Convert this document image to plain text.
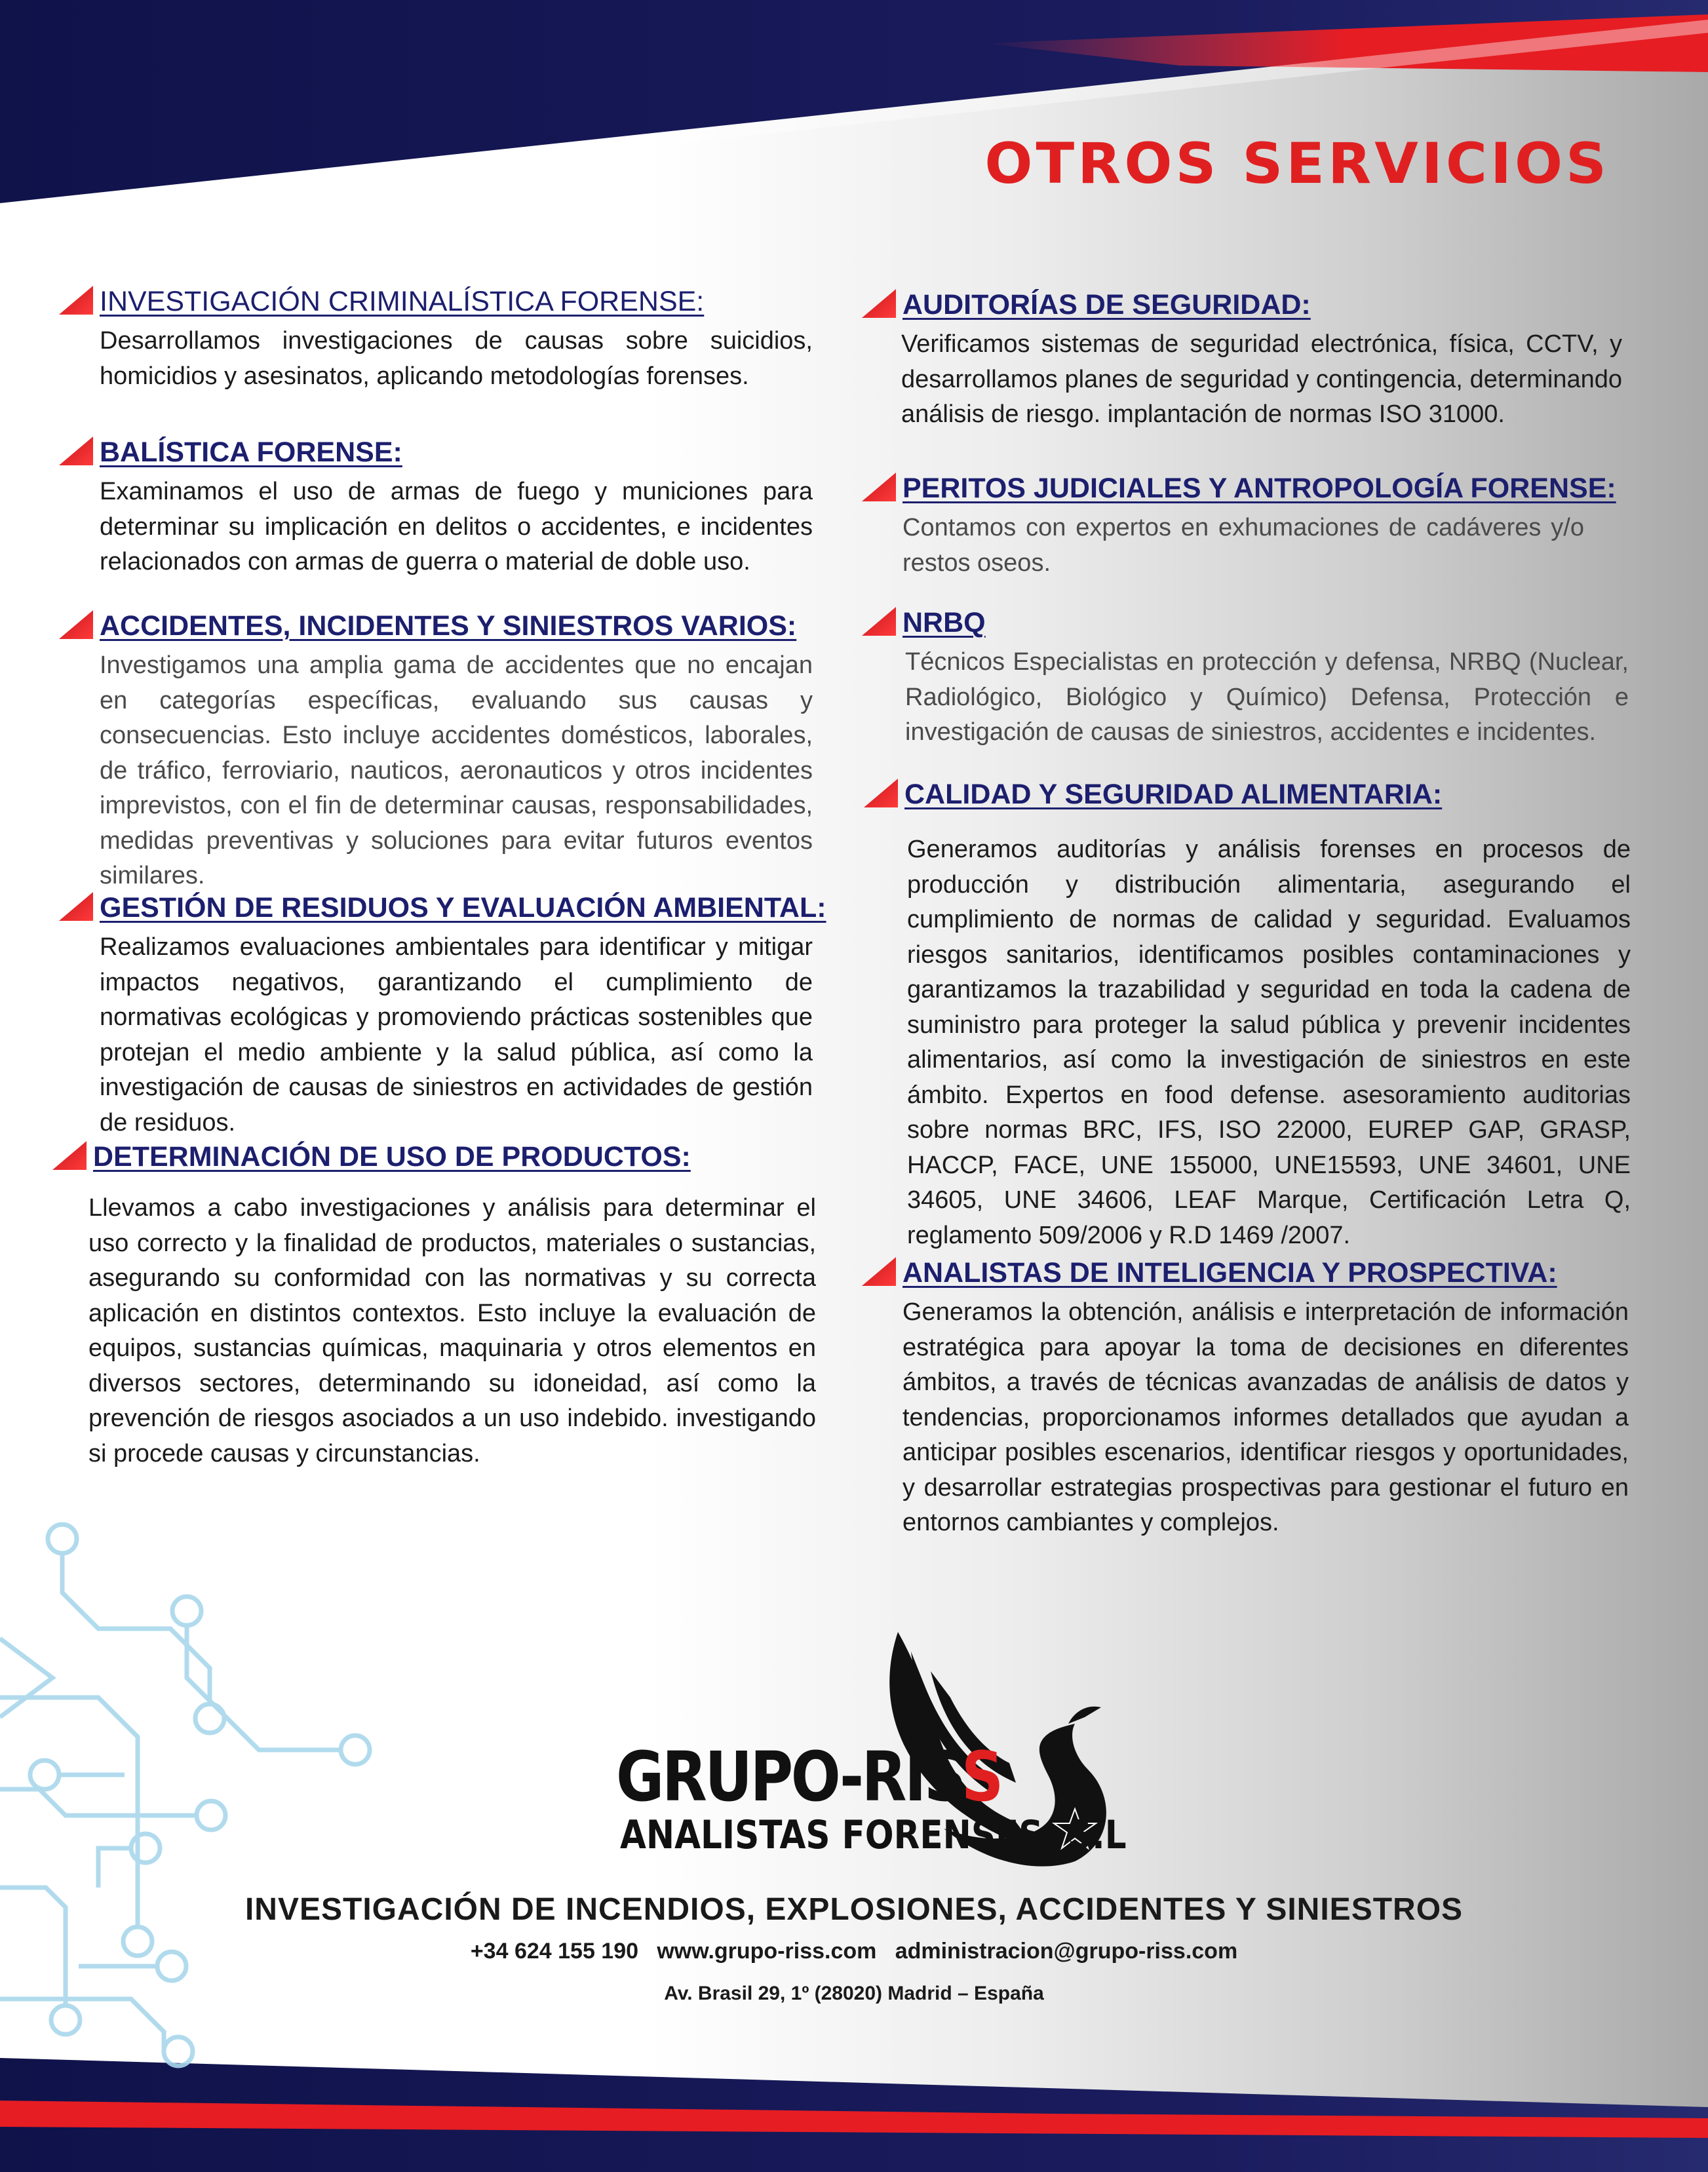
OTROS SERVICIOS
INVESTIGACIÓN CRIMINALÍSTICA FORENSE:

Desarrollamos investigaciones de causas sobre suicidios, homicidios y asesinatos, aplicando metodologías forenses.

BALÍSTICA FORENSE:

Examinamos el uso de armas de fuego y municiones para determinar su implicación en delitos o accidentes, e incidentes relacionados con armas de guerra o material de doble uso.

ACCIDENTES, INCIDENTES Y SINIESTROS VARIOS:

Investigamos una amplia gama de accidentes que no encajan en categorías específicas, evaluando sus causas y consecuencias. Esto incluye accidentes domésticos, laborales, de tráfico, ferroviario, nauticos, aeronauticos y otros incidentes imprevistos, con el fin de determinar causas, responsabilidades, medidas preventivas y soluciones para evitar futuros eventos similares.

GESTIÓN DE RESIDUOS Y EVALUACIÓN AMBIENTAL:

Realizamos evaluaciones ambientales para identificar y mitigar impactos negativos, garantizando el cumplimiento de normativas ecológicas y promoviendo prácticas sostenibles que protejan el medio ambiente y la salud pública, así como la investigación de causas de siniestros en actividades de gestión de residuos.

DETERMINACIÓN DE USO DE PRODUCTOS:

Llevamos a cabo investigaciones y análisis para determinar el uso correcto y la finalidad de productos, materiales o sustancias, asegurando su conformidad con las normativas y su correcta aplicación en distintos contextos. Esto incluye la evaluación de equipos, sustancias químicas, maquinaria y otros elementos en diversos sectores, determinando su idoneidad, así como la prevención de riesgos asociados a un uso indebido. investigando si procede causas y circunstancias.

AUDITORÍAS DE SEGURIDAD:

Verificamos sistemas de seguridad electrónica, física, CCTV, y desarrollamos planes de seguridad y contingencia, determinando análisis de riesgo. implantación de normas ISO 31000.

PERITOS JUDICIALES Y ANTROPOLOGÍA FORENSE:

Contamos con expertos en exhumaciones de cadáveres y/o restos oseos.

NRBQ

Técnicos Especialistas en protección y defensa, NRBQ (Nuclear, Radiológico, Biológico y Químico) Defensa, Protección e investigación de causas de siniestros, accidentes e incidentes.

CALIDAD Y SEGURIDAD ALIMENTARIA:

Generamos auditorías y análisis forenses en procesos de producción y distribución alimentaria, asegurando el cumplimiento de normas de calidad y seguridad. Evaluamos riesgos sanitarios, identificamos posibles contaminaciones y garantizamos la trazabilidad y seguridad en toda la cadena de suministro para proteger la salud pública y prevenir incidentes alimentarios, así como la investigación de siniestros en este ámbito. Expertos en food defense. asesoramiento auditorias sobre normas BRC, IFS, ISO 22000, EUREP GAP, GRASP, HACCP, FACE, UNE 155000, UNE15593, UNE 34601, UNE 34605, UNE 34606, LEAF Marque, Certificación Letra Q, reglamento 509/2006 y R.D 1469 /2007.

ANALISTAS DE INTELIGENCIA Y PROSPECTIVA:

Generamos la obtención, análisis e interpretación de información estratégica para apoyar la toma de decisiones en diferentes ámbitos, a través de técnicas avanzadas de análisis de datos y tendencias, proporcionamos informes detallados que ayudan a anticipar posibles escenarios, identificar riesgos y oportunidades, y desarrollar estrategias prospectivas para gestionar el futuro en entornos cambiantes y complejos.

GRUPO-RISS
ANALISTAS FORENSES, S.L
INVESTIGACIÓN DE INCENDIOS, EXPLOSIONES, ACCIDENTES Y SINIESTROS
+34 624 155 190   www.grupo-riss.com   administracion@grupo-riss.com
Av. Brasil 29, 1º (28020) Madrid – España
